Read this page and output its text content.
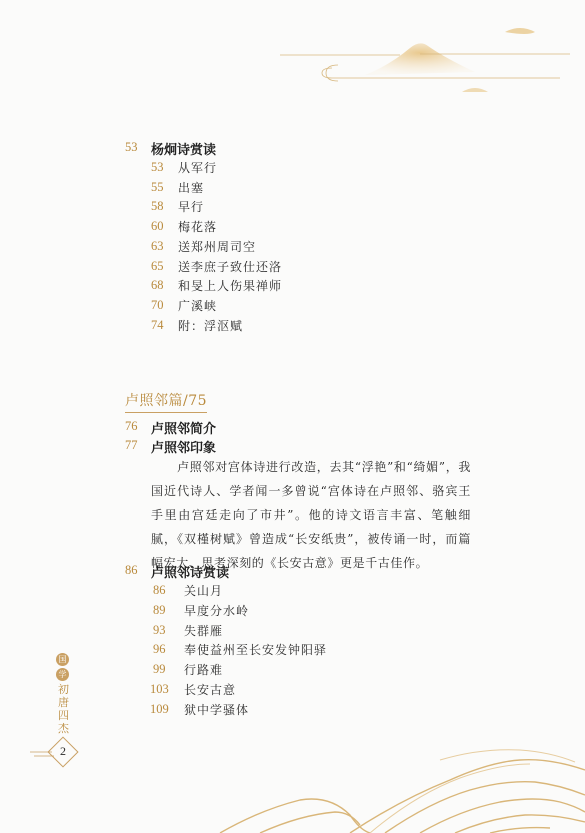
53 杨炯诗赏读
53 从军行
55 出塞
58 早行
60 梅花落
63 送郑州周司空
65 送李庶子致仕还洛
68 和旻上人伤果禅师
70 广溪峡
74 附：浮沤赋
卢照邻篇/75
76 卢照邻简介
77 卢照邻印象
卢照邻对宫体诗进行改造，去其“浮艳”和“绮媚”，我国近代诗人、学者闻一多曾说“宫体诗在卢照邻、骆宾王手里由宫廷走向了市井”。他的诗文语言丰富、笔触细腻，《双槿树赋》曾造成“长安纸贵”，被传诵一时，而篇幅宏大、思考深刻的《长安古意》更是千古佳作。
86 卢照邻诗赏读
86 关山月
89 早度分水岭
93 失群雁
96 奉使益州至长安发钟阳驿
99 行路难
103 长安古意
109 狱中学骚体
国
学
初唐四杰
2
